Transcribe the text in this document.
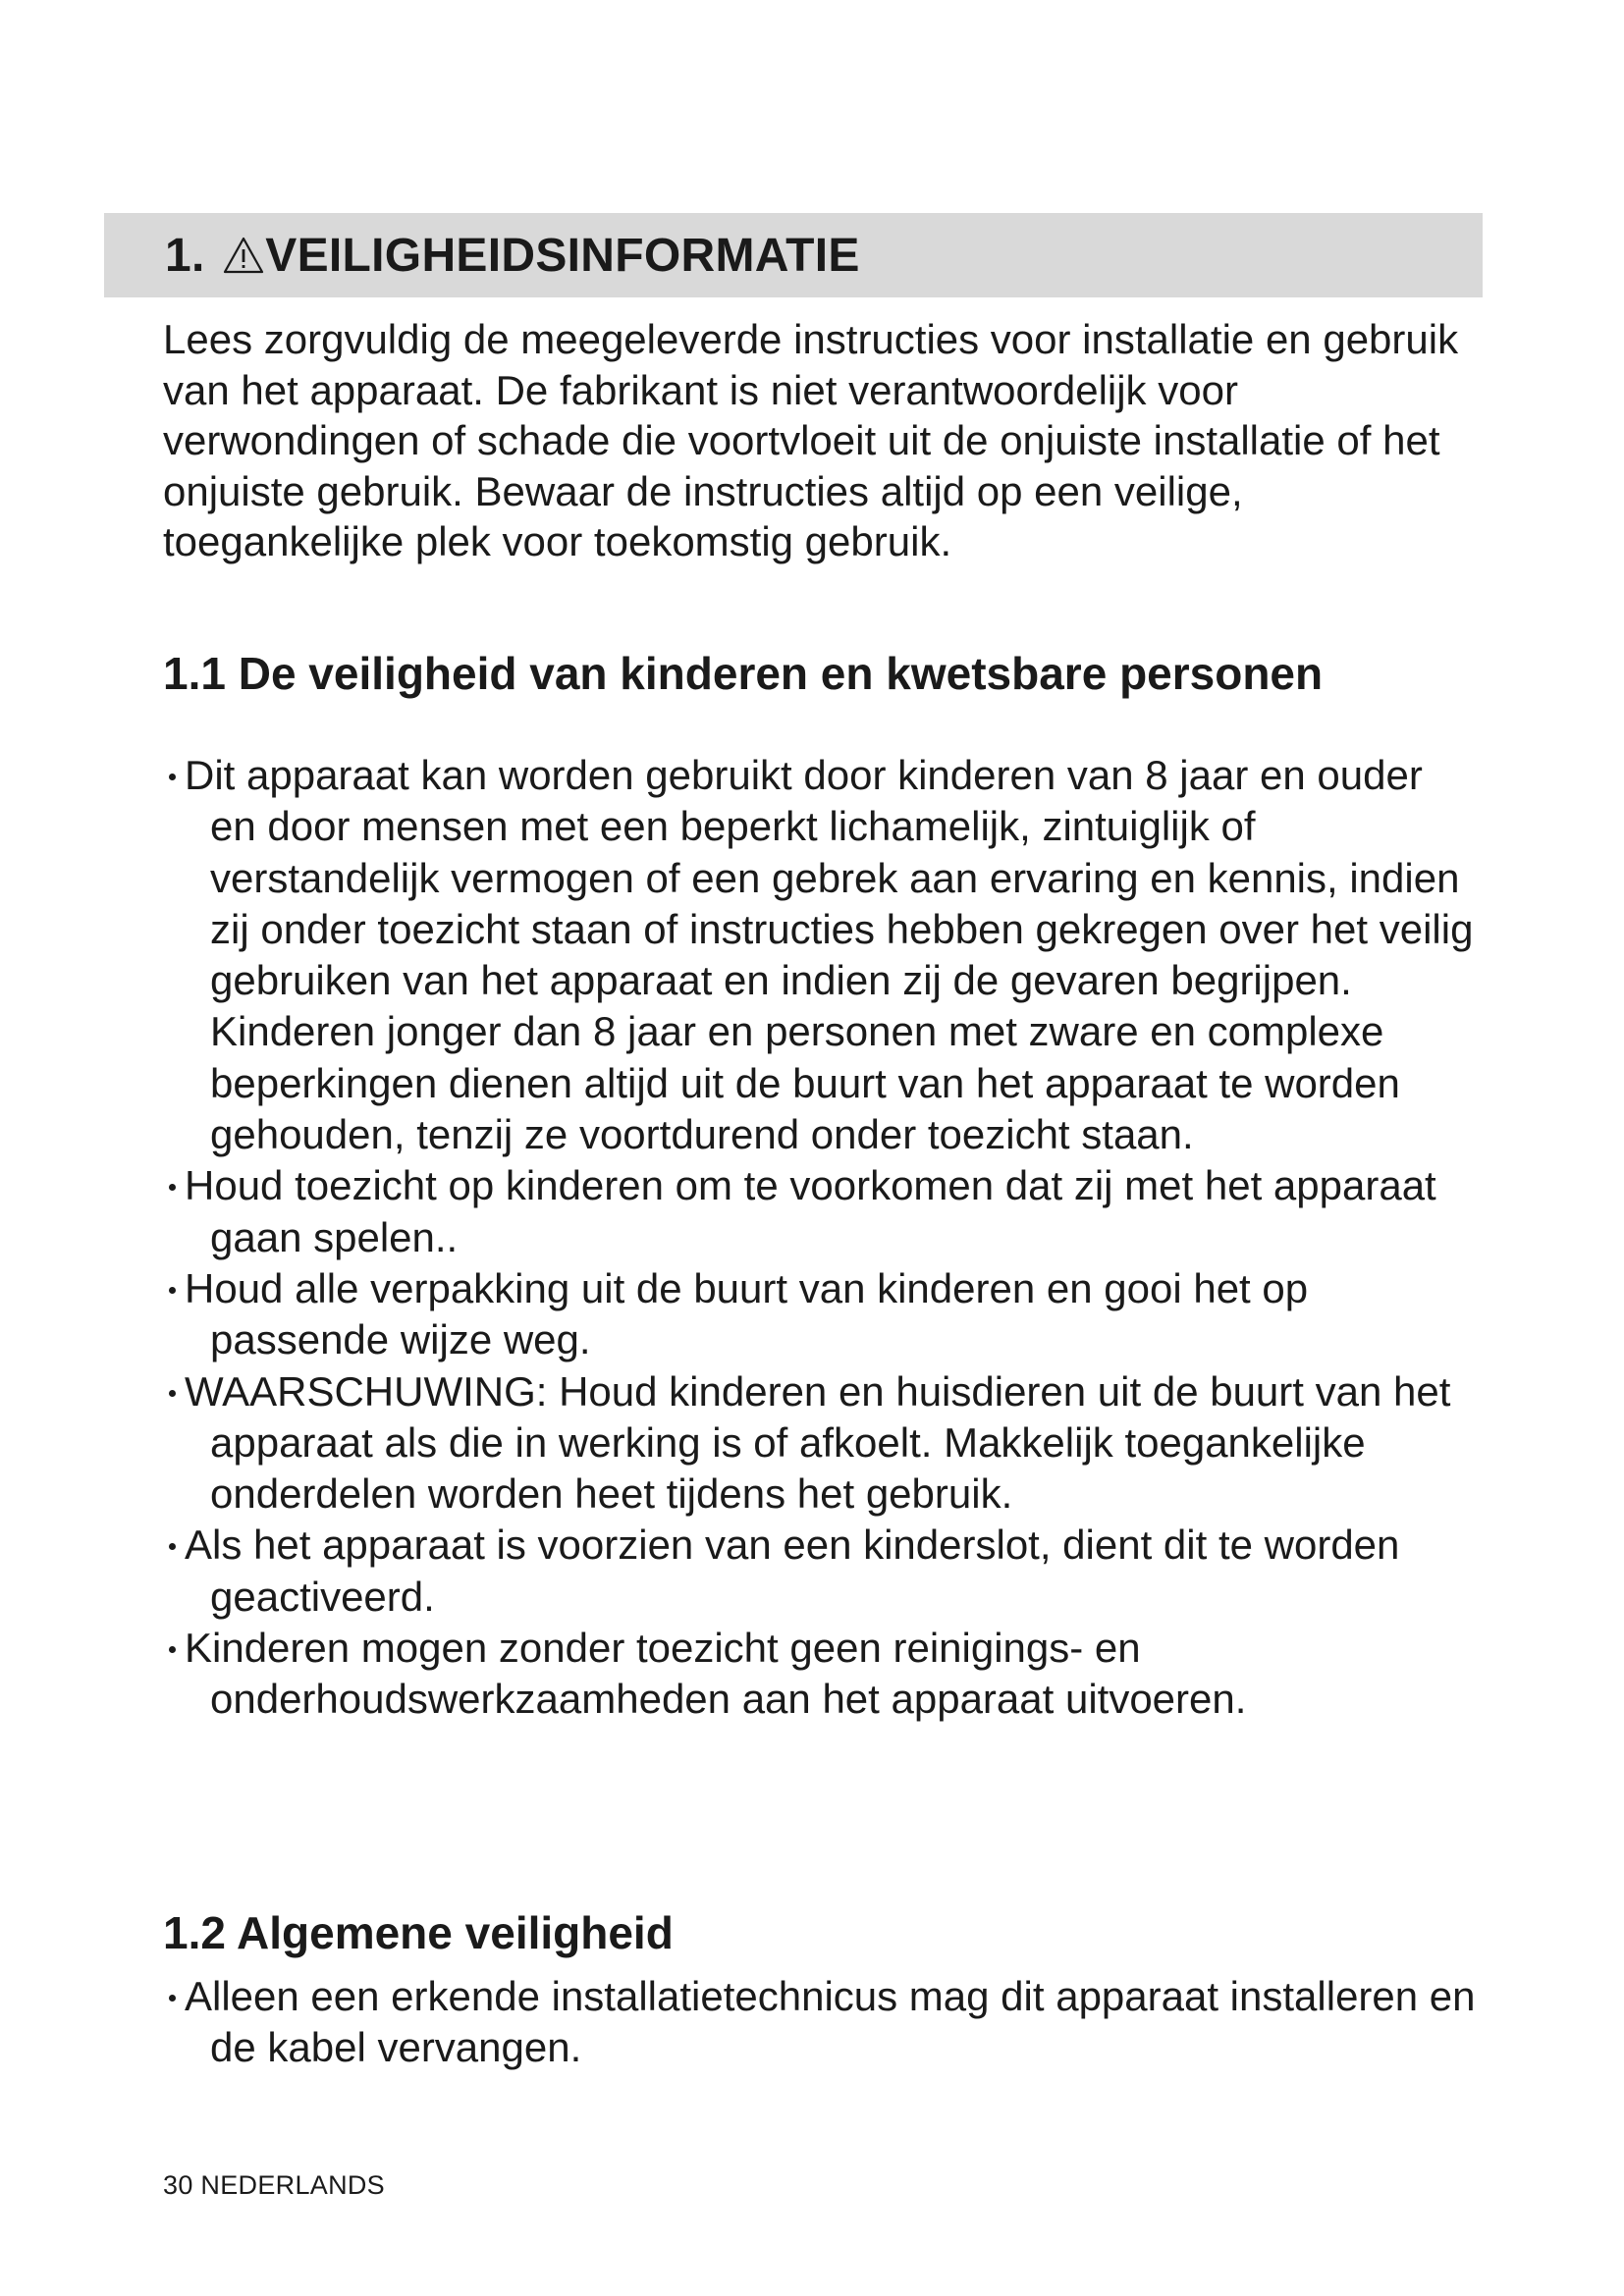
1. VEILIGHEIDSINFORMATIE

Lees zorgvuldig de meegeleverde instructies voor installatie en gebruik van het apparaat. De fabrikant is niet verantwoordelijk voor verwondingen of schade die voortvloeit uit de onjuiste installatie of het onjuiste gebruik. Bewaar de instructies altijd op een veilige, toegankelijke plek voor toekomstig gebruik.

1.1 De veiligheid van kinderen en kwetsbare personen
Dit apparaat kan worden gebruikt door kinderen van 8 jaar en ouder en door mensen met een beperkt lichamelijk, zintuiglijk of verstandelijk vermogen of een gebrek aan ervaring en kennis, indien zij onder toezicht staan of instructies hebben gekregen over het veilig gebruiken van het apparaat en indien zij de gevaren begrijpen. Kinderen jonger dan 8 jaar en personen met zware en complexe beperkingen dienen altijd uit de buurt van het apparaat te worden gehouden, tenzij ze voortdurend onder toezicht staan.
Houd toezicht op kinderen om te voorkomen dat zij met het apparaat gaan spelen..
Houd alle verpakking uit de buurt van kinderen en gooi het op passende wijze weg.
WAARSCHUWING: Houd kinderen en huisdieren uit de buurt van het apparaat als die in werking is of afkoelt. Makkelijk toegankelijke onderdelen worden heet tijdens het gebruik.
Als het apparaat is voorzien van een kinderslot, dient dit te worden geactiveerd.
Kinderen mogen zonder toezicht geen reinigings- en onderhoudswerkzaamheden aan het apparaat uitvoeren.
1.2 Algemene veiligheid
Alleen een erkende installatietechnicus mag dit apparaat installeren en de kabel vervangen.

30 NEDERLANDS
